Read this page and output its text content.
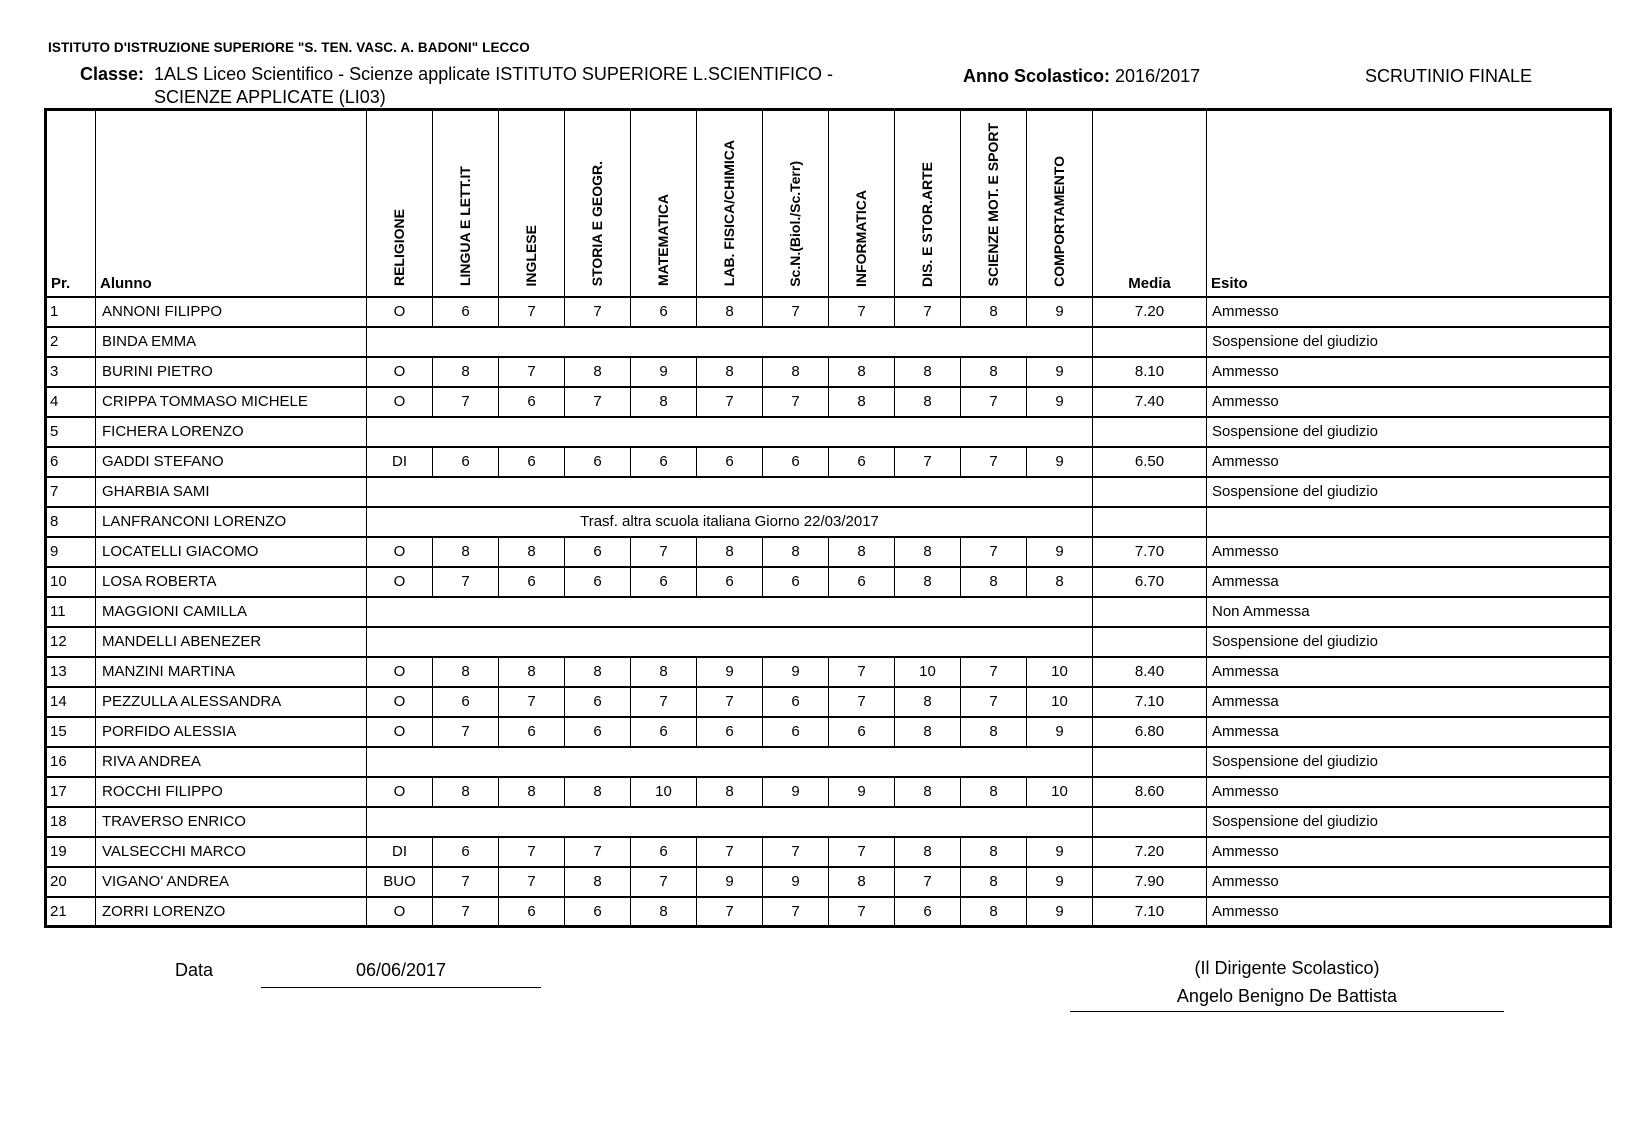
ISTITUTO D'ISTRUZIONE SUPERIORE "S. TEN. VASC. A. BADONI" LECCO
Classe: 1ALS Liceo Scientifico - Scienze applicate ISTITUTO SUPERIORE L.SCIENTIFICO - SCIENZE APPLICATE (LI03)
Anno Scolastico: 2016/2017	SCRUTINIO FINALE
Pr.	Alunno	RELIGIONE	LINGUA E LETT.IT	INGLESE	STORIA E GEOGR.	MATEMATICA	LAB. FISICA/CHIMICA	Sc.N.(Biol./Sc.Terr)	INFORMATICA	DIS. E STOR.ARTE	SCIENZE MOT. E SPORT	COMPORTAMENTO	Media	Esito
1	ANNONI FILIPPO	O	6	7	7	6	8	7	7	7	8	9	7.20	Ammesso
2	BINDA EMMA													Sospensione del giudizio
3	BURINI PIETRO	O	8	7	8	9	8	8	8	8	8	9	8.10	Ammesso
4	CRIPPA TOMMASO MICHELE	O	7	6	7	8	7	7	8	8	7	9	7.40	Ammesso
5	FICHERA LORENZO													Sospensione del giudizio
6	GADDI STEFANO	DI	6	6	6	6	6	6	6	7	7	9	6.50	Ammesso
7	GHARBIA SAMI													Sospensione del giudizio
8	LANFRANCONI LORENZO	Trasf. altra scuola italiana Giorno 22/03/2017												
9	LOCATELLI GIACOMO	O	8	8	6	7	8	8	8	8	7	9	7.70	Ammesso
10	LOSA ROBERTA	O	7	6	6	6	6	6	6	8	8	8	6.70	Ammessa
11	MAGGIONI CAMILLA													Non Ammessa
12	MANDELLI ABENEZER													Sospensione del giudizio
13	MANZINI MARTINA	O	8	8	8	8	9	9	7	10	7	10	8.40	Ammessa
14	PEZZULLA ALESSANDRA	O	6	7	6	7	7	6	7	8	7	10	7.10	Ammessa
15	PORFIDO ALESSIA	O	7	6	6	6	6	6	6	8	8	9	6.80	Ammessa
16	RIVA ANDREA													Sospensione del giudizio
17	ROCCHI FILIPPO	O	8	8	8	10	8	9	9	8	8	10	8.60	Ammesso
18	TRAVERSO ENRICO													Sospensione del giudizio
19	VALSECCHI MARCO	DI	6	7	7	6	7	7	7	8	8	9	7.20	Ammesso
20	VIGANO' ANDREA	BUO	7	7	8	7	9	9	8	7	8	9	7.90	Ammesso
21	ZORRI LORENZO	O	7	6	6	8	7	7	7	6	8	9	7.10	Ammesso
Data	06/06/2017	(Il Dirigente Scolastico)
Angelo Benigno De Battista
